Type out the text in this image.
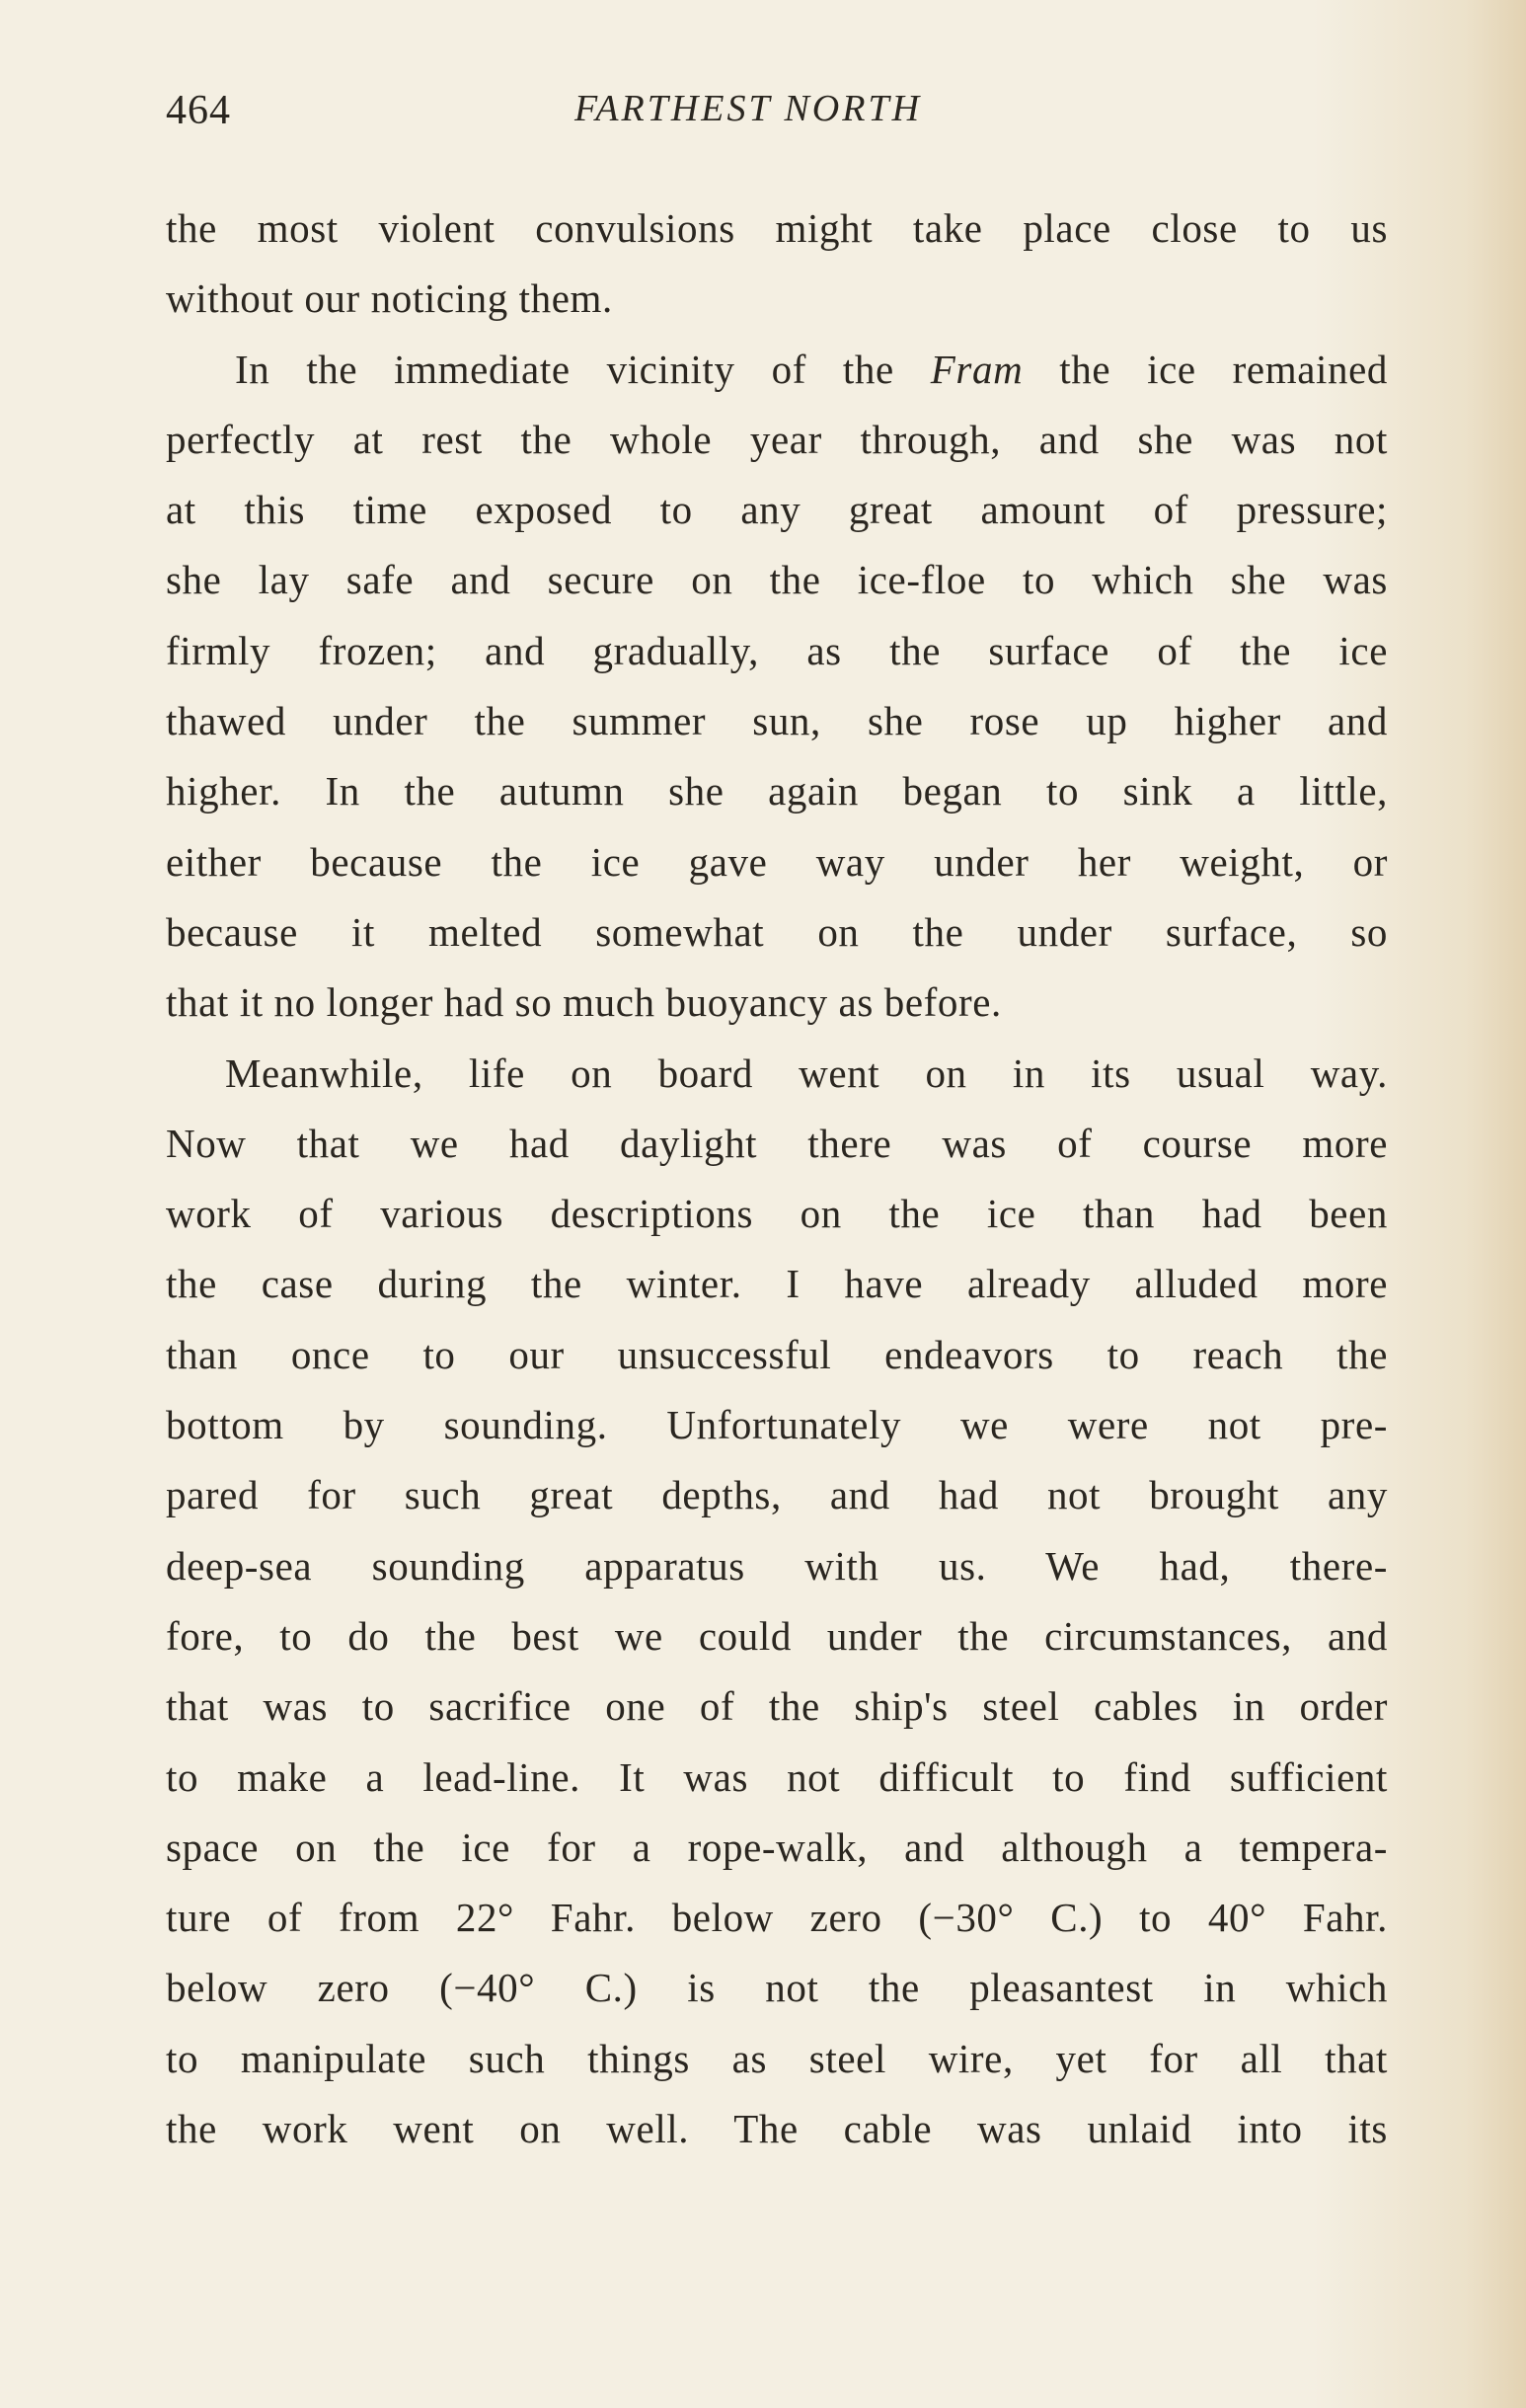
464	FARTHEST NORTH
the most violent convulsions might take place close to us
without our noticing them.
In the immediate vicinity of the Fram the ice remained
perfectly at rest the whole year through, and she was not
at this time exposed to any great amount of pressure;
she lay safe and secure on the ice-floe to which she was
firmly frozen; and gradually, as the surface of the ice
thawed under the summer sun, she rose up higher and
higher. In the autumn she again began to sink a little,
either because the ice gave way under her weight, or
because it melted somewhat on the under surface, so
that it no longer had so much buoyancy as before.
Meanwhile, life on board went on in its usual way.
Now that we had daylight there was of course more
work of various descriptions on the ice than had been
the case during the winter. I have already alluded more
than once to our unsuccessful endeavors to reach the
bottom by sounding. Unfortunately we were not pre-
pared for such great depths, and had not brought any
deep-sea sounding apparatus with us. We had, there-
fore, to do the best we could under the circumstances, and
that was to sacrifice one of the ship's steel cables in order
to make a lead-line. It was not difficult to find sufficient
space on the ice for a rope-walk, and although a tempera-
ture of from 22° Fahr. below zero (−30° C.) to 40° Fahr.
below zero (−40° C.) is not the pleasantest in which
to manipulate such things as steel wire, yet for all that
the work went on well. The cable was unlaid into its
